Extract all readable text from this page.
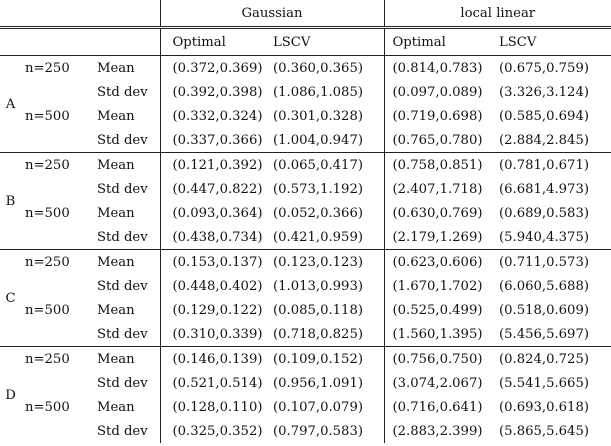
			Gaussian		local linear	
			Optimal	LSCV	Optimal	LSCV
A	n=250	Mean	(0.372,0.369)	(0.360,0.365)	(0.814,0.783)	(0.675,0.759)
		Std dev	(0.392,0.398)	(1.086,1.085)	(0.097,0.089)	(3.326,3.124)
	n=500	Mean	(0.332,0.324)	(0.301,0.328)	(0.719,0.698)	(0.585,0.694)
		Std dev	(0.337,0.366)	(1.004,0.947)	(0.765,0.780)	(2.884,2.845)
B	n=250	Mean	(0.121,0.392)	(0.065,0.417)	(0.758,0.851)	(0.781,0.671)
		Std dev	(0.447,0.822)	(0.573,1.192)	(2.407,1.718)	(6.681,4.973)
	n=500	Mean	(0.093,0.364)	(0.052,0.366)	(0.630,0.769)	(0.689,0.583)
		Std dev	(0.438,0.734)	(0.421,0.959)	(2.179,1.269)	(5.940,4.375)
C	n=250	Mean	(0.153,0.137)	(0.123,0.123)	(0.623,0.606)	(0.711,0.573)
		Std dev	(0.448,0.402)	(1.013,0.993)	(1.670,1.702)	(6.060,5.688)
	n=500	Mean	(0.129,0.122)	(0.085,0.118)	(0.525,0.499)	(0.518,0.609)
		Std dev	(0.310,0.339)	(0.718,0.825)	(1.560,1.395)	(5.456,5.697)
D	n=250	Mean	(0.146,0.139)	(0.109,0.152)	(0.756,0.750)	(0.824,0.725)
		Std dev	(0.521,0.514)	(0.956,1.091)	(3.074,2.067)	(5.541,5.665)
	n=500	Mean	(0.128,0.110)	(0.107,0.079)	(0.716,0.641)	(0.693,0.618)
		Std dev	(0.325,0.352)	(0.797,0.583)	(2.883,2.399)	(5.865,5.645)
